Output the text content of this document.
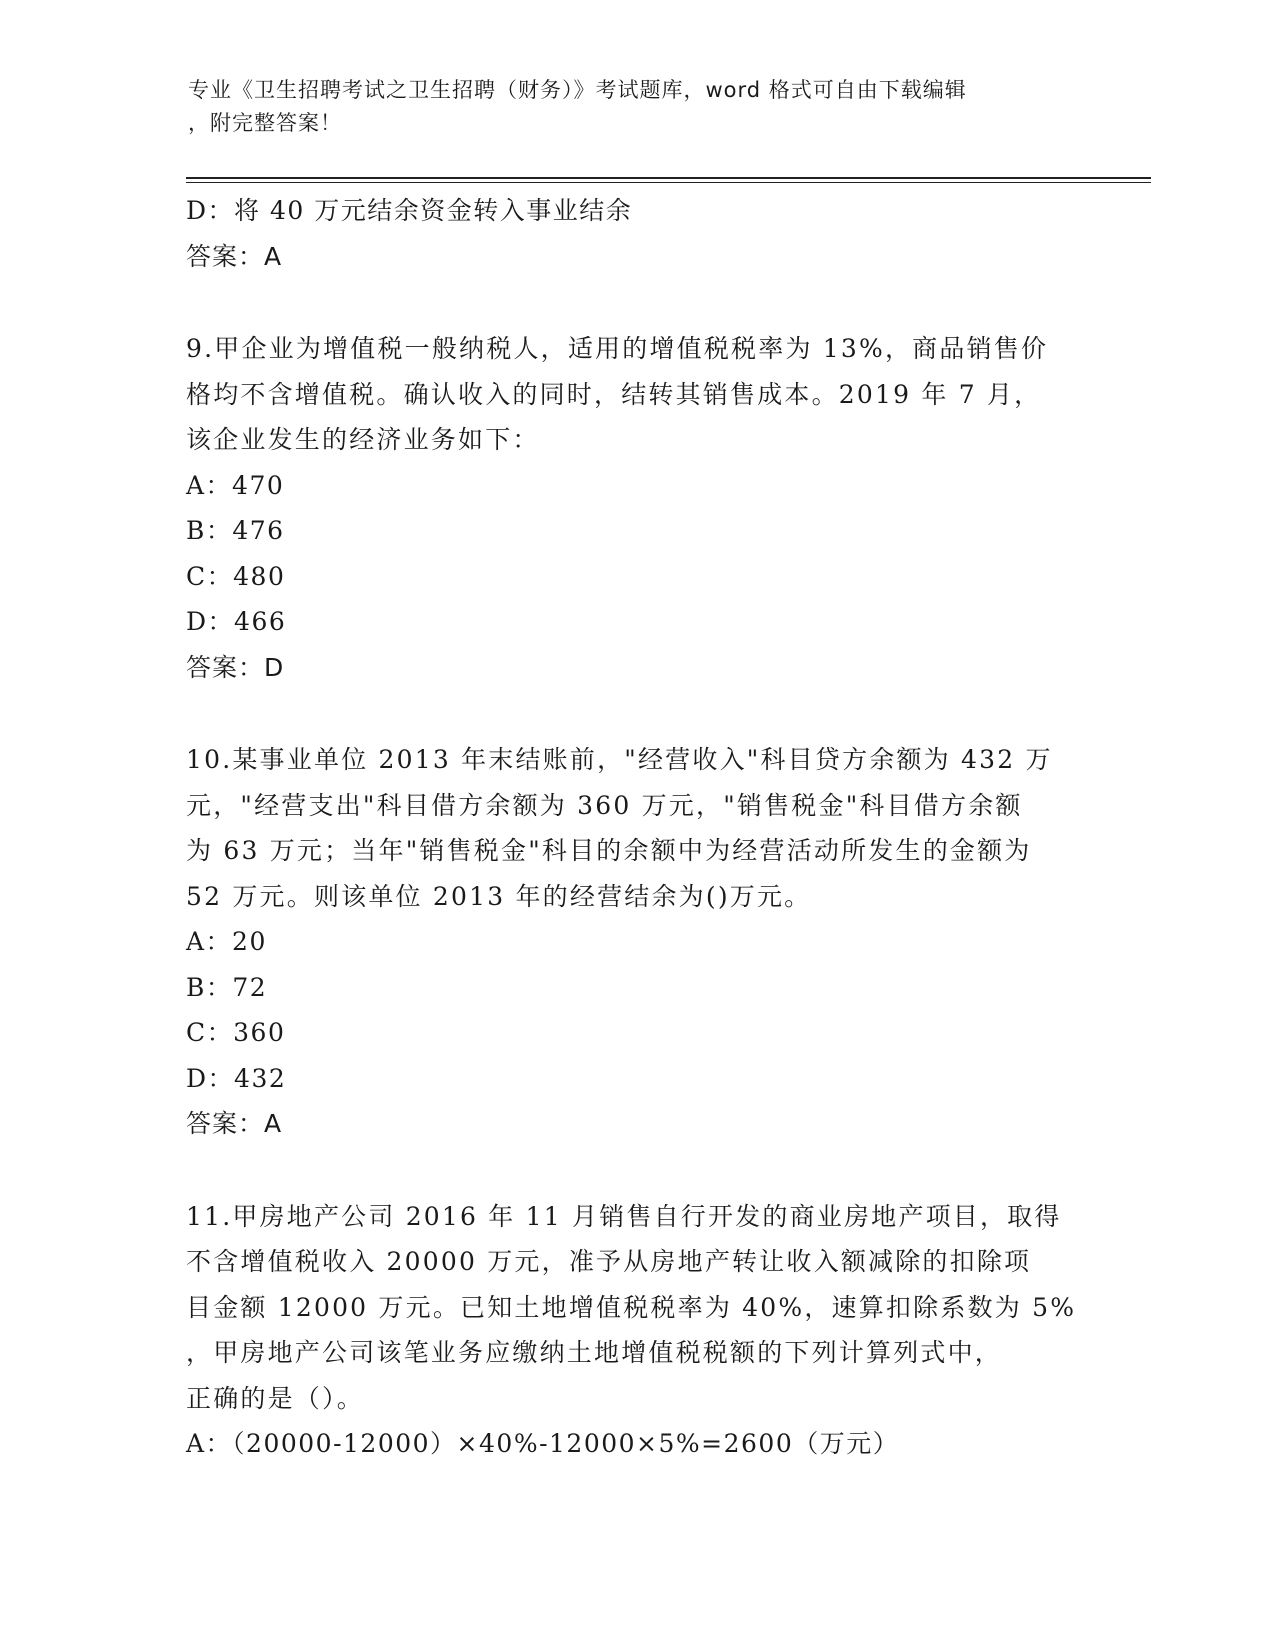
专业《卫生招聘考试之卫生招聘（财务）》考试题库，word 格式可自由下载编辑
，附完整答案！
D：将 40 万元结余资金转入事业结余
答案：A
9.甲企业为增值税一般纳税人，适用的增值税税率为 13%，商品销售价
格均不含增值税。确认收入的同时，结转其销售成本。2019 年 7 月，
该企业发生的经济业务如下：
A：470
B：476
C：480
D：466
答案：D
10.某事业单位 2013 年末结账前，"经营收入"科目贷方余额为 432 万
元，"经营支出"科目借方余额为 360 万元，"销售税金"科目借方余额
为 63 万元；当年"销售税金"科目的余额中为经营活动所发生的金额为
52 万元。则该单位 2013 年的经营结余为()万元。
A：20
B：72
C：360
D：432
答案：A
11.甲房地产公司 2016 年 11 月销售自行开发的商业房地产项目，取得
不含增值税收入 20000 万元，准予从房地产转让收入额减除的扣除项
目金额 12000 万元。已知土地增值税税率为 40%，速算扣除系数为 5%
，甲房地产公司该笔业务应缴纳土地增值税税额的下列计算列式中，
正确的是（）。
A：（20000-12000）×40%-12000×5%=2600（万元）
